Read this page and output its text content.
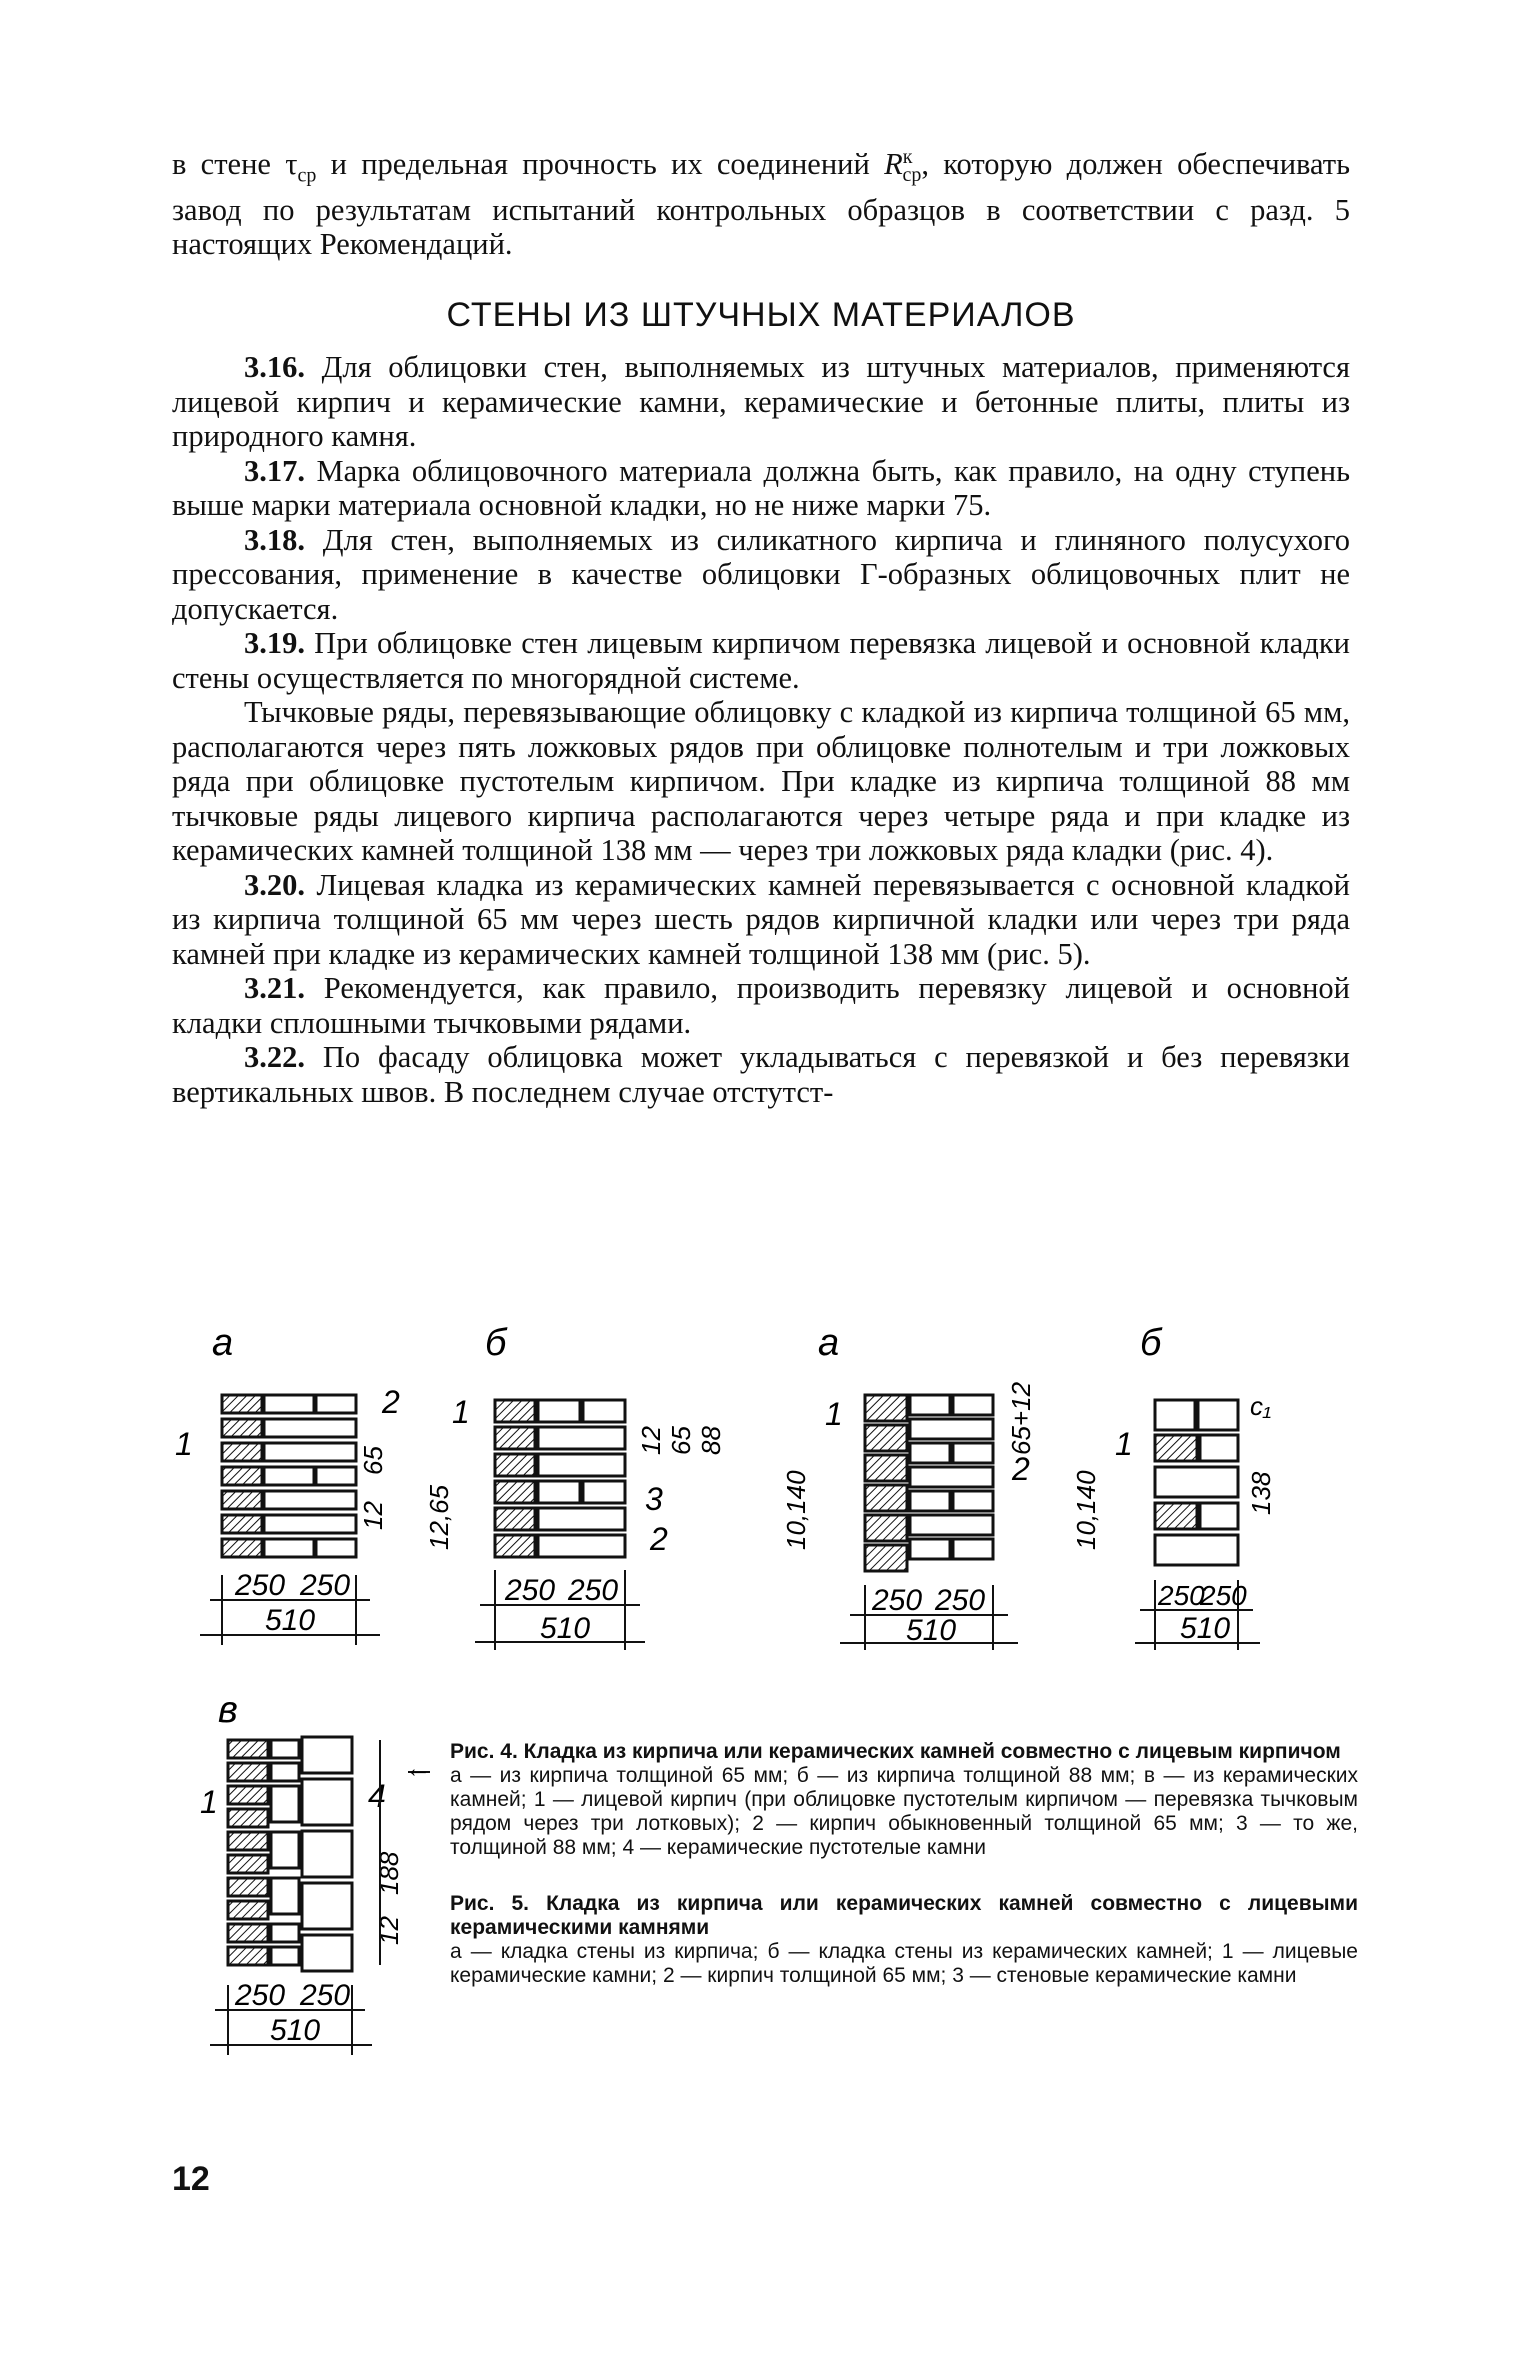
в стене $\tau_{ср}$ и предельная прочность их соединений $R^к_{ср}$, которую должен обеспечивать завод по результатам испытаний контрольных образцов в соответствии с разд. 5 настоящих Рекомендаций.

СТЕНЫ ИЗ ШТУЧНЫХ МАТЕРИАЛОВ

3.16. Для облицовки стен, выполняемых из штучных материалов, применяются лицевой кирпич и керамические камни, керамические и бетонные плиты, плиты из природного камня.

3.17. Марка облицовочного материала должна быть, как правило, на одну ступень выше марки материала основной кладки, но не ниже марки 75.

3.18. Для стен, выполняемых из силикатного кирпича и глиняного полусухого прессования, применение в качестве облицовки Г-образных облицовочных плит не допускается.

3.19. При облицовке стен лицевым кирпичом перевязка лицевой и основной кладки стены осуществляется по многорядной системе.

Тычковые ряды, перевязывающие облицовку с кладкой из кирпича толщиной 65 мм, располагаются через пять ложковых рядов при облицовке полнотелым и три ложковых ряда при облицовке пустотелым кирпичом. При кладке из кирпича толщиной 88 мм тычковые ряды лицевого кирпича располагаются через четыре ряда и при кладке из керамических камней толщиной 138 мм — через три ложковых ряда кладки (рис. 4).

3.20. Лицевая кладка из керамических камней перевязывается с основной кладкой из кирпича толщиной 65 мм через шесть рядов кирпичной кладки или через три ряда камней при кладке из керамических камней толщиной 138 мм (рис. 5).

3.21. Рекомендуется, как правило, производить перевязку лицевой и основной кладки сплошными тычковыми рядами.

3.22. По фасаду облицовка может укладываться с перевязкой и без перевязки вертикальных швов. В последнем случае отстутст-

а	б	а	б
в
250 250
510
1
2
65
12
250 250
510
1
3
2
12 65 88
12,65
250 250
510
1
2
10,140
65+12
250
250
510
1
с₁
138
10,140
250 250
510
1	4
188
12
←

Рис. 4. Кладка из кирпича или керамических камней совместно с лицевым кирпичом
а — из кирпича толщиной 65 мм; б — из кирпича толщиной 88 мм; в — из керамических камней; 1 — лицевой кирпич (при облицовке пустотелым кирпичом — перевязка тычковым рядом через три лотковых); 2 — кирпич обыкновенный толщиной 65 мм; 3 — то же, толщиной 88 мм; 4 — керамические пустотелые камни

Рис. 5. Кладка из кирпича или керамических камней совместно с лицевыми керамическими камнями
а — кладка стены из кирпича; б — кладка стены из керамических камней; 1 — лицевые керамические камни; 2 — кирпич толщиной 65 мм; 3 — стеновые керамические камни

12
